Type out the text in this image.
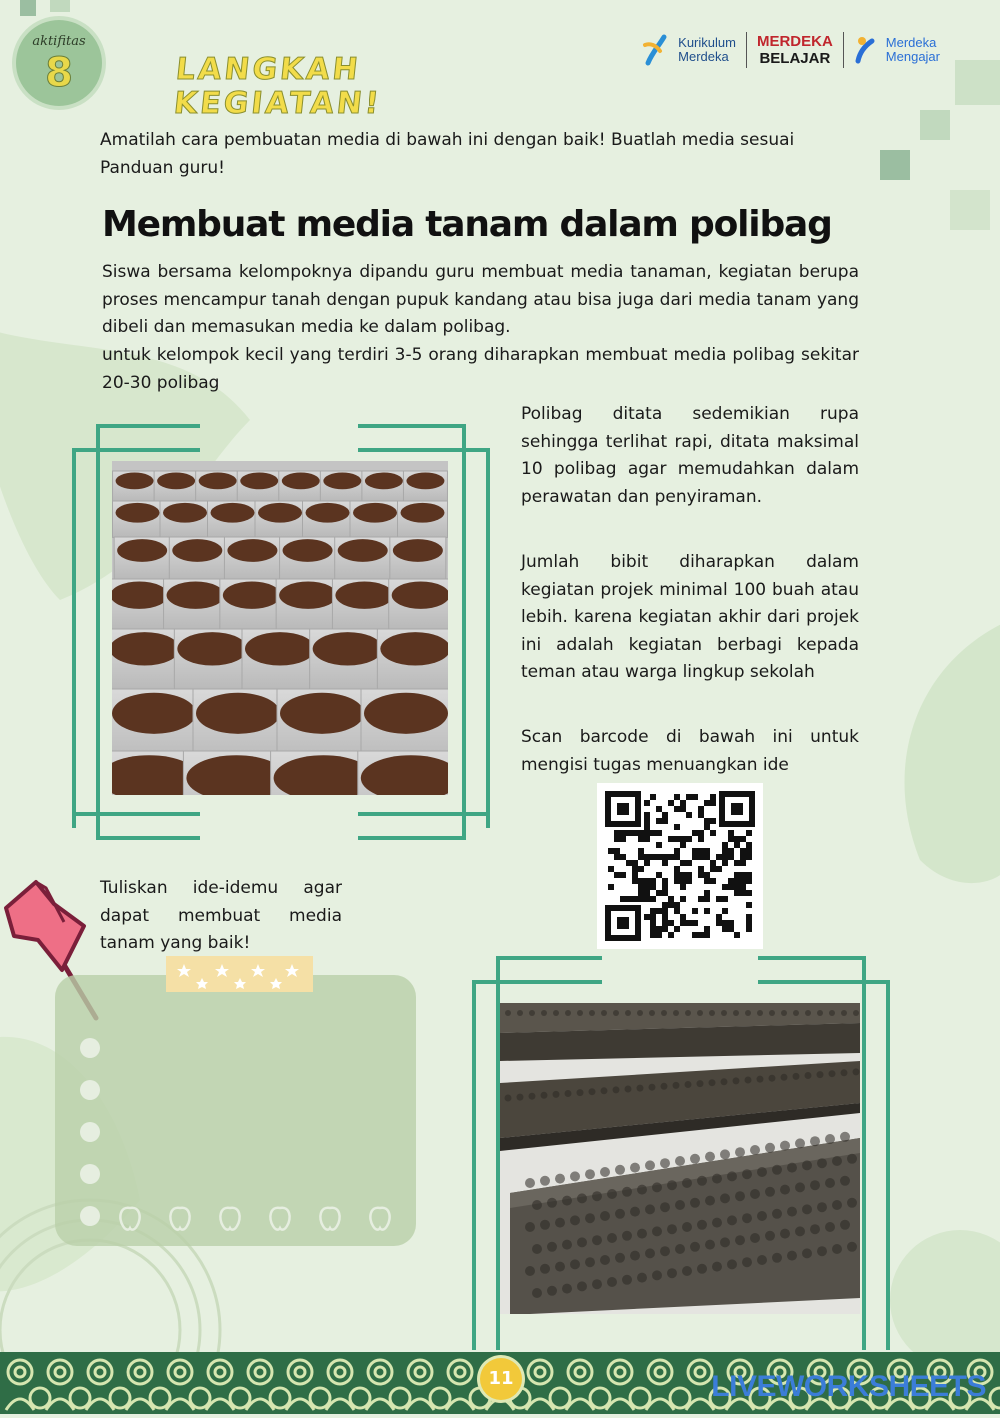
aktifitas
8	LANGKAH
KEGIATAN!
Kurikulum
Merdeka
MERDEKA
BELAJAR
Merdeka
Mengajar
Amatilah cara pembuatan media di bawah ini dengan baik! Buatlah media sesuai
Panduan guru!
Membuat media tanam dalam polibag
Siswa bersama kelompoknya dipandu guru membuat media tanaman, kegiatan berupa proses mencampur tanah dengan pupuk kandang atau bisa juga dari media tanam yang dibeli dan memasukan media ke dalam polibag.
untuk kelompok kecil yang terdiri 3-5 orang diharapkan membuat media polibag sekitar 20-30 polibag
Polibag ditata sedemikian rupa sehingga terlihat rapi, ditata maksimal 10 polibag agar memudahkan dalam perawatan dan penyiraman.
Jumlah bibit diharapkan dalam kegiatan projek minimal 100 buah atau lebih. karena kegiatan akhir dari projek ini adalah kegiatan berbagi kepada teman atau warga lingkup sekolah
Scan barcode di bawah ini untuk mengisi tugas menuangkan ide
Tuliskan ide-idemu agar dapat membuat media tanam yang baik!
11	LIVEWORKSHEETS
